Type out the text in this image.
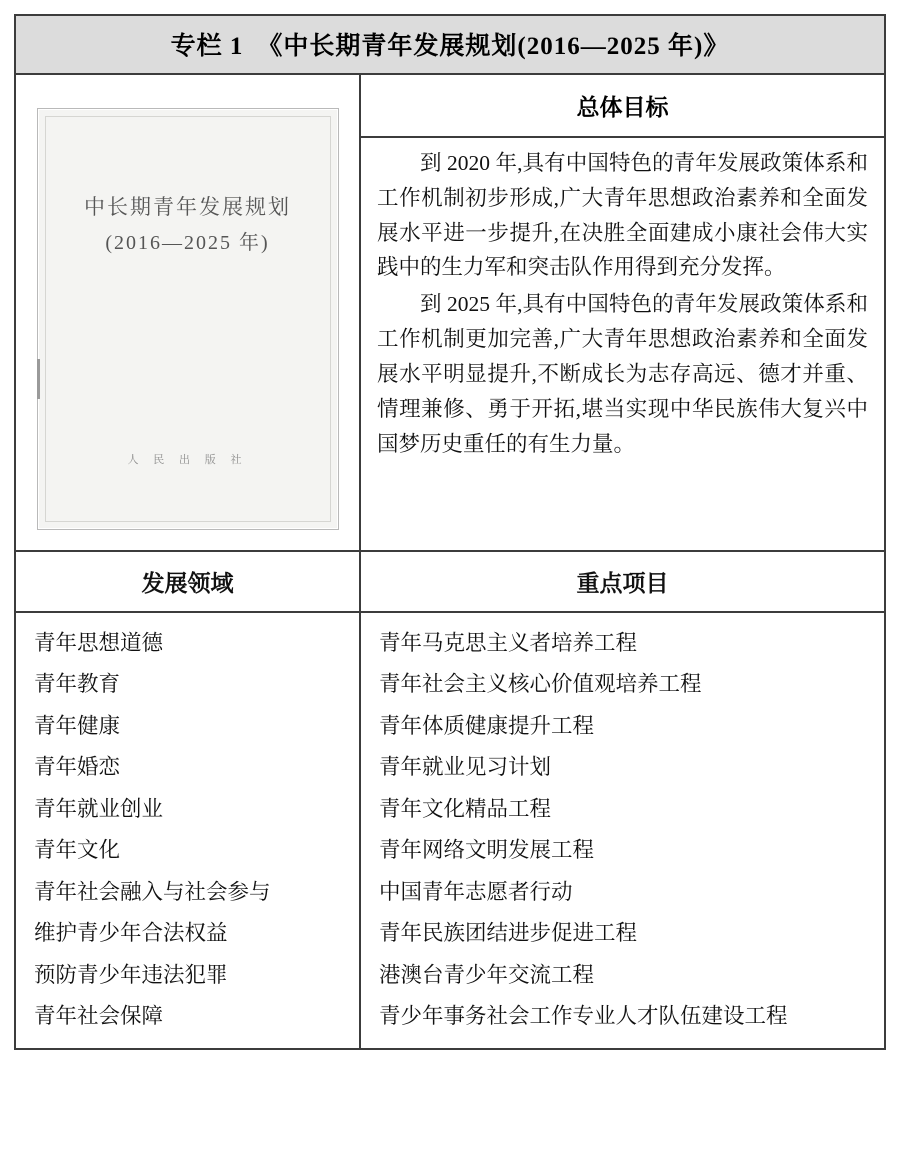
专栏 1 《中长期青年发展规划(2016—2025 年)》
中长期青年发展规划
(2016—2025 年)
人 民 出 版 社
总体目标

到 2020 年,具有中国特色的青年发展政策体系和工作机制初步形成,广大青年思想政治素养和全面发展水平进一步提升,在决胜全面建成小康社会伟大实践中的生力军和突击队作用得到充分发挥。

到 2025 年,具有中国特色的青年发展政策体系和工作机制更加完善,广大青年思想政治素养和全面发展水平明显提升,不断成长为志存高远、德才并重、情理兼修、勇于开拓,堪当实现中华民族伟大复兴中国梦历史重任的有生力量。

发展领域	重点项目
青年思想道德
青年教育
青年健康
青年婚恋
青年就业创业
青年文化
青年社会融入与社会参与
维护青少年合法权益
预防青少年违法犯罪
青年社会保障
青年马克思主义者培养工程
青年社会主义核心价值观培养工程
青年体质健康提升工程
青年就业见习计划
青年文化精品工程
青年网络文明发展工程
中国青年志愿者行动
青年民族团结进步促进工程
港澳台青少年交流工程
青少年事务社会工作专业人才队伍建设工程
